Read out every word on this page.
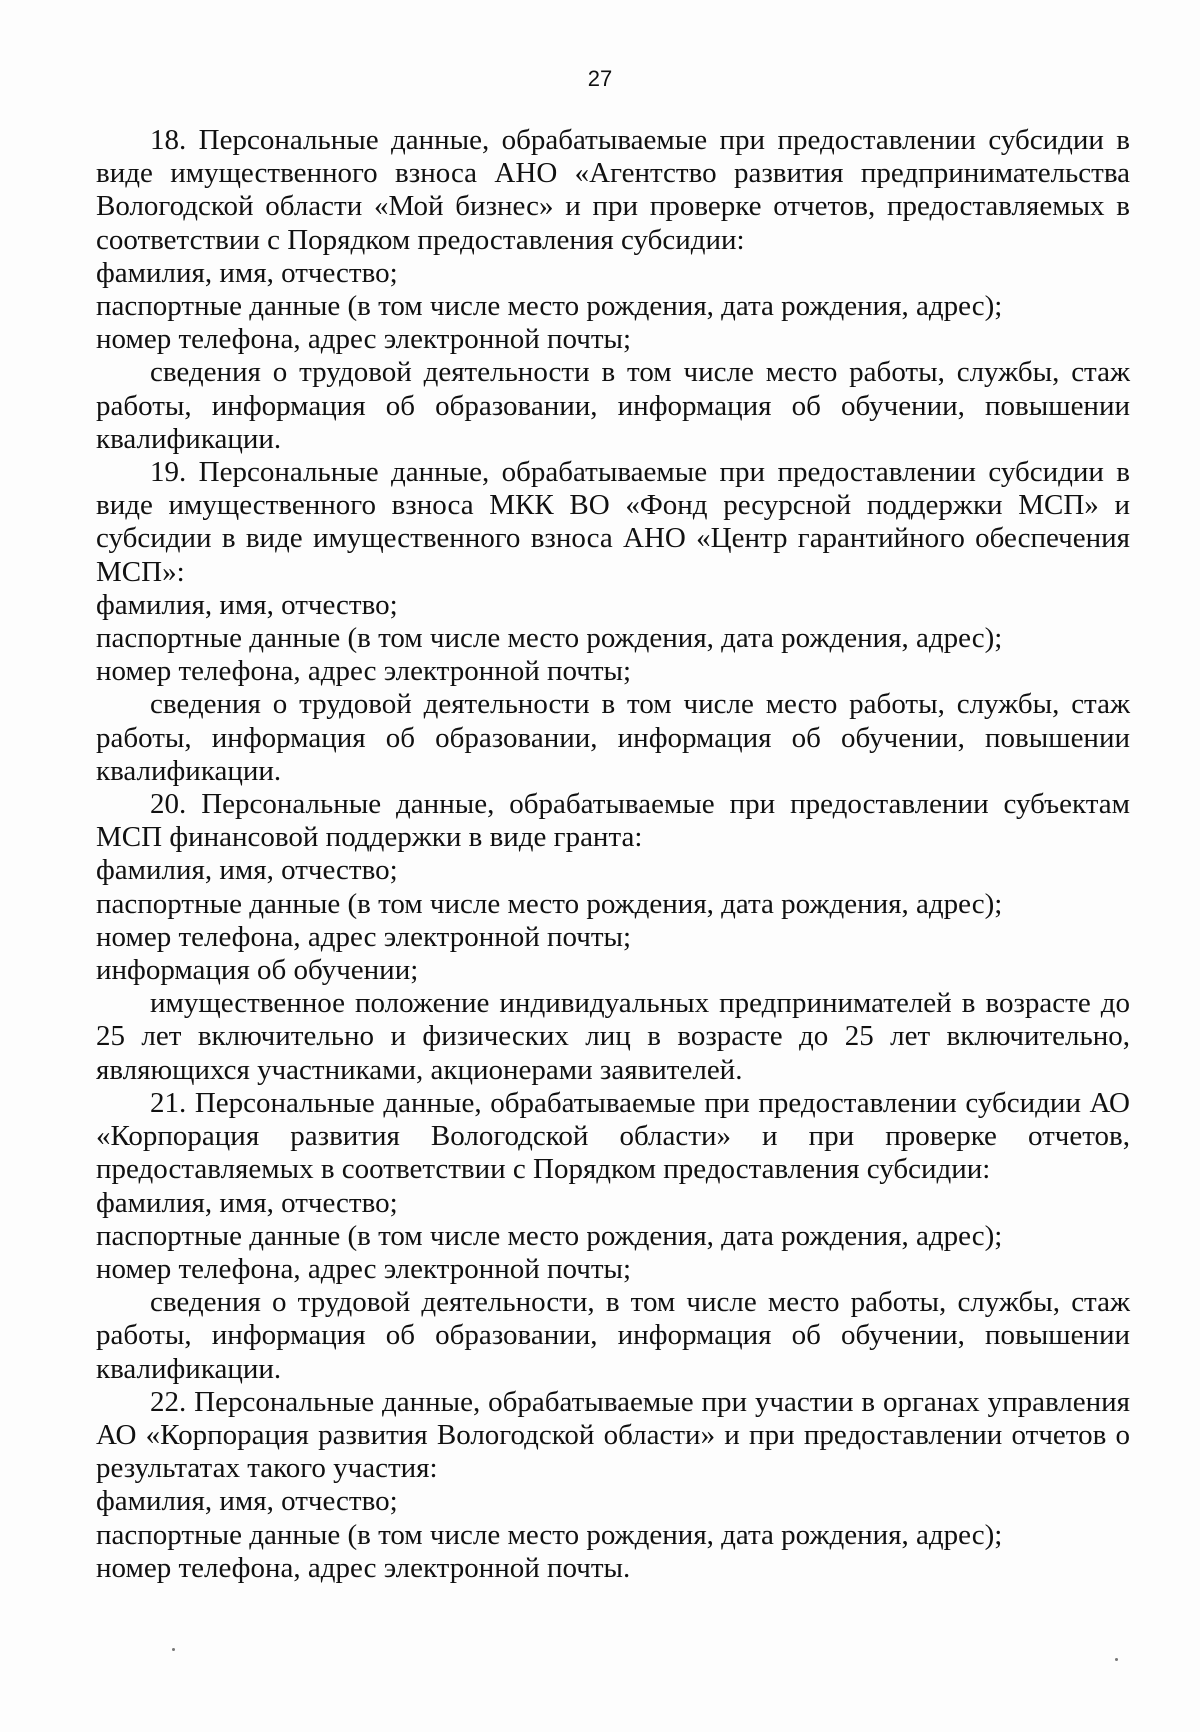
27

18. Персональные данные, обрабатываемые при предоставлении субсидии в виде имущественного взноса АНО «Агентство развития предпринимательства Вологодской области «Мой бизнес» и при проверке отчетов, предоставляемых в соответствии с Порядком предоставления субсидии:

фамилия, имя, отчество;

паспортные данные (в том числе место рождения, дата рождения, адрес);

номер телефона, адрес электронной почты;

сведения о трудовой деятельности в том числе место работы, службы, стаж работы, информация об образовании, информация об обучении, повышении квалификации.

19. Персональные данные, обрабатываемые при предоставлении субсидии в виде имущественного взноса МКК ВО «Фонд ресурсной поддержки МСП» и субсидии в виде имущественного взноса АНО «Центр гарантийного обеспечения МСП»:

фамилия, имя, отчество;

паспортные данные (в том числе место рождения, дата рождения, адрес);

номер телефона, адрес электронной почты;

сведения о трудовой деятельности в том числе место работы, службы, стаж работы, информация об образовании, информация об обучении, повышении квалификации.

20. Персональные данные, обрабатываемые при предоставлении субъектам МСП финансовой поддержки в виде гранта:

фамилия, имя, отчество;

паспортные данные (в том числе место рождения, дата рождения, адрес);

номер телефона, адрес электронной почты;

информация об обучении;

имущественное положение индивидуальных предпринимателей в возрасте до 25 лет включительно и физических лиц в возрасте до 25 лет включительно, являющихся участниками, акционерами заявителей.

21. Персональные данные, обрабатываемые при предоставлении субсидии АО «Корпорация развития Вологодской области» и при проверке отчетов, предоставляемых в соответствии с Порядком предоставления субсидии:

фамилия, имя, отчество;

паспортные данные (в том числе место рождения, дата рождения, адрес);

номер телефона, адрес электронной почты;

сведения о трудовой деятельности, в том числе место работы, службы, стаж работы, информация об образовании, информация об обучении, повышении квалификации.

22. Персональные данные, обрабатываемые при участии в органах управления АО «Корпорация развития Вологодской области» и при предоставлении отчетов о результатах такого участия:

фамилия, имя, отчество;

паспортные данные (в том числе место рождения, дата рождения, адрес);

номер телефона, адрес электронной почты.
